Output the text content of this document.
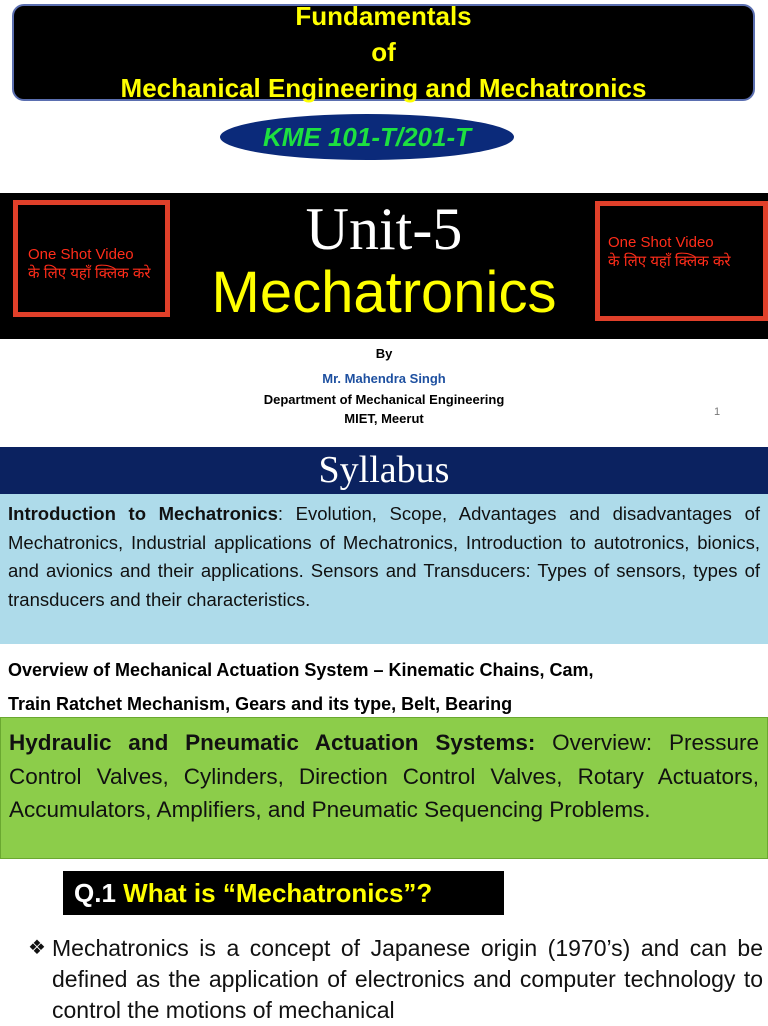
Fundamentals
of
Mechanical Engineering and Mechatronics
KME 101-T/201-T
Unit-5
Mechatronics
One Shot Video
के लिए यहाँ क्लिक करे
One Shot Video
के लिए यहाँ क्लिक करे
By
Mr. Mahendra Singh
Department of Mechanical Engineering
MIET, Meerut	1
Syllabus

Introduction to Mechatronics: Evolution, Scope, Advantages and disadvantages of Mechatronics, Industrial applications of Mechatronics, Introduction to autotronics, bionics, and avionics and their applications. Sensors and Transducers: Types of sensors, types of transducers and their characteristics.

Overview of Mechanical Actuation System – Kinematic Chains, Cam,

Train Ratchet Mechanism, Gears and its type, Belt, Bearing

Hydraulic and Pneumatic Actuation Systems: Overview: Pressure Control Valves, Cylinders, Direction Control Valves, Rotary Actuators, Accumulators, Amplifiers, and Pneumatic Sequencing Problems.

Q.1 What is “Mechatronics”?
❖ Mechatronics is a concept of Japanese origin (1970’s) and can be defined as the application of electronics and computer technology to control the motions of mechanical
